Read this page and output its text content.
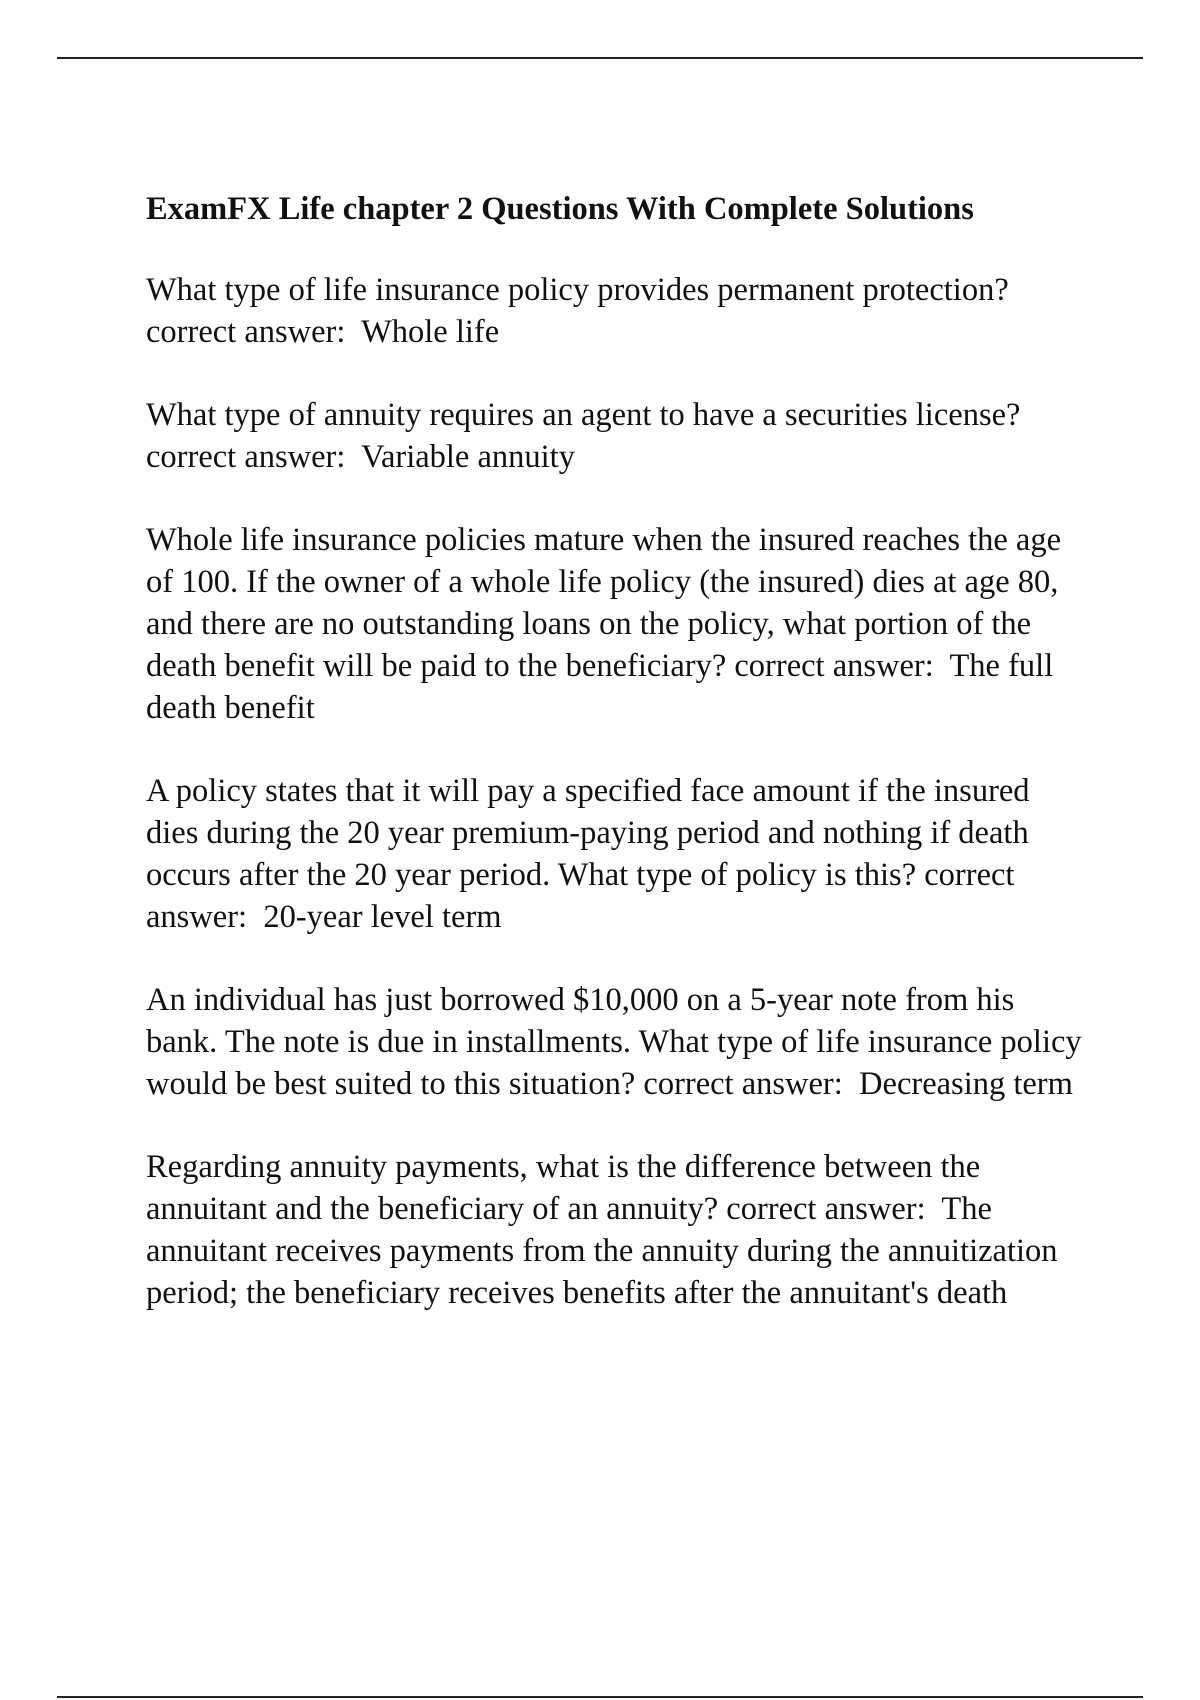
ExamFX Life chapter 2 Questions With Complete Solutions
What type of life insurance policy provides permanent protection? correct answer: Whole life
What type of annuity requires an agent to have a securities license? correct answer: Variable annuity
Whole life insurance policies mature when the insured reaches the age of 100. If the owner of a whole life policy (the insured) dies at age 80, and there are no outstanding loans on the policy, what portion of the death benefit will be paid to the beneficiary? correct answer: The full death benefit
A policy states that it will pay a specified face amount if the insured dies during the 20 year premium-paying period and nothing if death occurs after the 20 year period. What type of policy is this? correct answer: 20-year level term
An individual has just borrowed $10,000 on a 5-year note from his bank. The note is due in installments. What type of life insurance policy would be best suited to this situation? correct answer: Decreasing term
Regarding annuity payments, what is the difference between the annuitant and the beneficiary of an annuity? correct answer: The annuitant receives payments from the annuity during the annuitization period; the beneficiary receives benefits after the annuitant's death
